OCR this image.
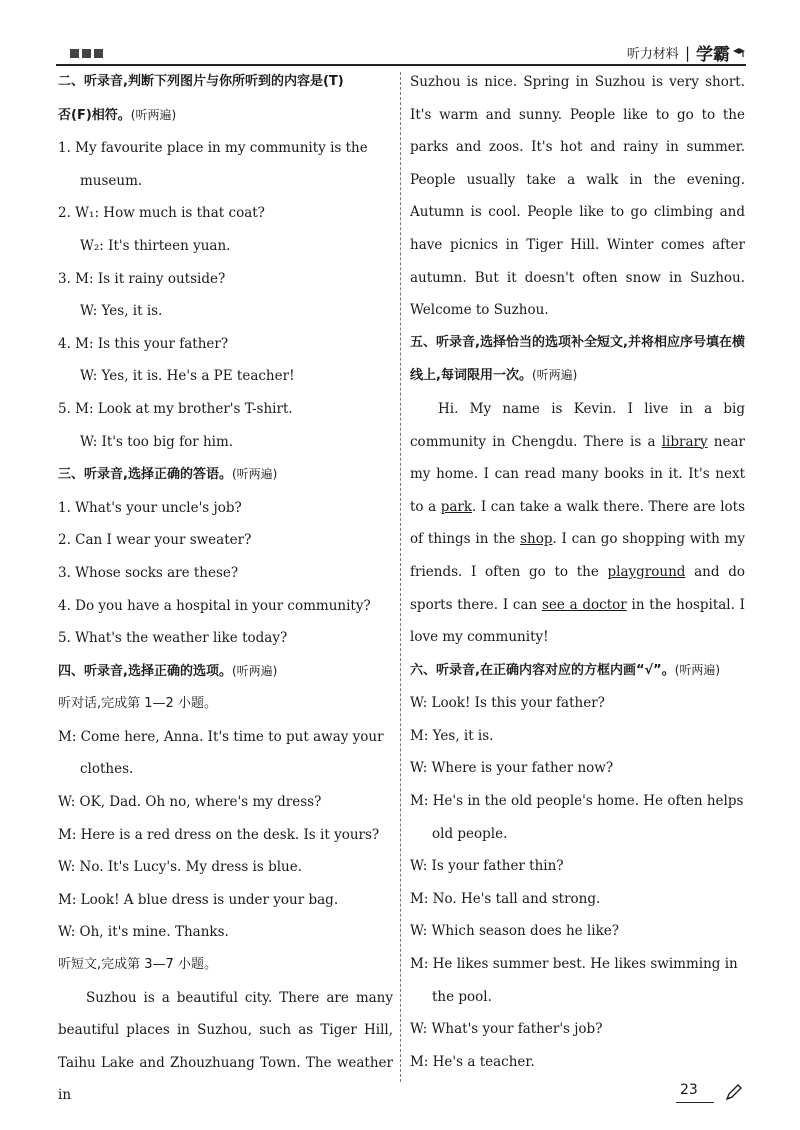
听力材料 | 学霸

二、听录音,判断下列图片与你所听到的内容是(T)

否(F)相符。(听两遍)

1. My favourite place in my community is the

museum.

2. W₁: How much is that coat?

W₂: It's thirteen yuan.

3. M: Is it rainy outside?

W: Yes, it is.

4. M: Is this your father?

W: Yes, it is. He's a PE teacher!

5. M: Look at my brother's T-shirt.

W: It's too big for him.

三、听录音,选择正确的答语。(听两遍)

1. What's your uncle's job?

2. Can I wear your sweater?

3. Whose socks are these?

4. Do you have a hospital in your community?

5. What's the weather like today?

四、听录音,选择正确的选项。(听两遍)

听对话,完成第 1—2 小题。

M: Come here, Anna. It's time to put away your

clothes.

W: OK, Dad. Oh no, where's my dress?

M: Here is a red dress on the desk. Is it yours?

W: No. It's Lucy's. My dress is blue.

M: Look! A blue dress is under your bag.

W: Oh, it's mine. Thanks.

听短文,完成第 3—7 小题。

Suzhou is a beautiful city. There are many beautiful places in Suzhou, such as Tiger Hill, Taihu Lake and Zhouzhuang Town. The weather in

Suzhou is nice. Spring in Suzhou is very short. It's warm and sunny. People like to go to the parks and zoos. It's hot and rainy in summer. People usually take a walk in the evening. Autumn is cool. People like to go climbing and have picnics in Tiger Hill. Winter comes after autumn. But it doesn't often snow in Suzhou. Welcome to Suzhou.

五、听录音,选择恰当的选项补全短文,并将相应序号填在横线上,每词限用一次。(听两遍)

Hi. My name is Kevin. I live in a big community in Chengdu. There is a library near my home. I can read many books in it. It's next to a park. I can take a walk there. There are lots of things in the shop. I can go shopping with my friends. I often go to the playground and do sports there. I can see a doctor in the hospital. I love my community!

六、听录音,在正确内容对应的方框内画“√”。(听两遍)

W: Look! Is this your father?

M: Yes, it is.

W: Where is your father now?

M: He's in the old people's home. He often helps

old people.

W: Is your father thin?

M: No. He's tall and strong.

W: Which season does he like?

M: He likes summer best. He likes swimming in

the pool.

W: What's your father's job?

M: He's a teacher.

23
